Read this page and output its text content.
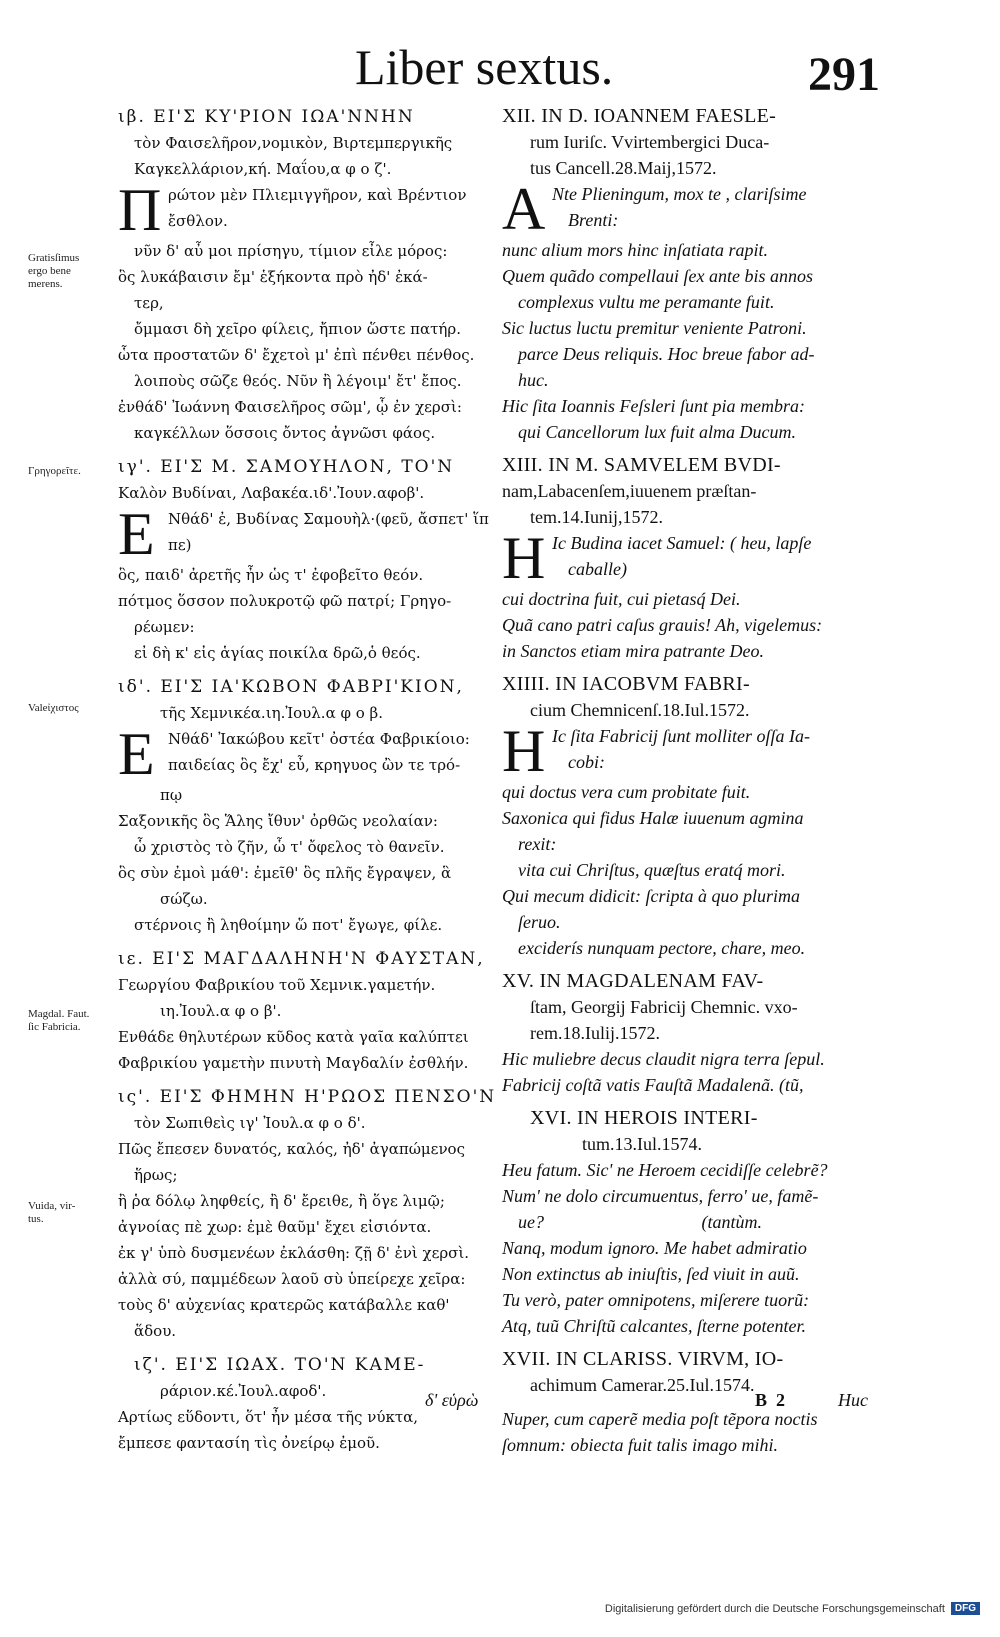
Liber sextus.	291
Gratisſimus
ergo bene
merens.
Γρηγορεῖτε.
Valeἰχιστος
Magdal. Faut.
ſic Fabricia.
Vuida, vir-
tus.
ιβ. ΕΙ'Σ ΚΥ'ΡΙΟΝ ΙΩΑ'ΝΝΗΝ
τὸν Φαισελῆρον,νομικὸν, Βιρτεμπεργικῆς
Καγκελλάριον,κή. Μαΐου,α φ ο ζ'.
Π ρώτον μὲν Πλιεμιγγῆρον, καὶ Βρέντιον
ἔσθλον.
νῦν δ' αὖ μοι πρίσηγυ, τίμιον εἶλε μόρος:
ὃς λυκάβαισιν ἔμ' ἑξήκοντα πρὸ ἠδ' ἐκά-
τερ,
ὄμμασι δὴ χεῖρο φίλεις, ἤπιον ὥστε πατήρ.
ὧτα προστατῶν δ' ἔχετοὶ μ' ἐπὶ πένθει πένθος.
λοιποὺς σῶζε θεός. Νῦν ἢ λέγοιμ' ἔτ' ἔπος.
ἐνθάδ' Ἰωάννη Φαισελῆρος σῶμ', ᾧ ἐν χερσὶ:
καγκέλλων ὅσσοις ὄντος ἀγνῶσι φάος.
ιγ'. ΕΙ'Σ Μ. ΣΑΜΟΥΗΛΟΝ, ΤΟ'Ν
Καλὸν Βυδίναι, Λαβακέα.ιδ'.Ἰουν.αφοβ'.
Ε Νθάδ' ἐ, Βυδίνας Σαμουὴλ·(φεῦ, ἄσπετ' ἵπ
πε)
ὃς, παιδ' ἀρετῆς ἦν ὡς τ' ἐφοβεῖτο θεόν.
πότμος ὅσσον πολυκροτῷ φῶ πατρί; Γρηγο-
ρέωμεν:
εἰ δὴ κ' εἰς ἁγίας ποικίλα δρῶ,ὁ θεός.
ιδ'. ΕΙ'Σ ΙΑ'ΚΩΒΟΝ ΦΑΒΡΙ'ΚΙΟΝ,
τῆς Χεμνικέα.ιη.Ἰουλ.α φ ο β.
Ε Νθάδ' Ἰακώβου κεῖτ' ὀστέα Φαβρικίοιο:
παιδείας ὃς ἔχ' εὖ, κρηγυος ὢν τε τρό-
πῳ
Σαξονικῆς ὃς Ἅλης ἴθυν' ὀρθῶς νεολαίαν:
ὧ χριστὸς τὸ ζῆν, ὧ τ' ὄφελος τὸ θανεῖν.
ὃς σὺν ἐμοὶ μάθ': ἐμεῖθ' ὃς πλῆς ἔγραψεν, ἃ
σώζω.
στέρνοις ἢ ληθοίμην ὥ ποτ' ἔγωγε, φίλε.
ιε. ΕΙ'Σ ΜΑΓΔΑΛΗΝΗ'Ν ΦΑΥΣΤΑΝ,
Γεωργίου Φαβρικίου τοῦ Χεμνικ.γαμετήν.
ιη.Ἰουλ.α φ ο β'.
Ενθάδε θηλυτέρων κῦδος κατὰ γαῖα καλύπτει
Φαβρικίου γαμετὴν πινυτὴ Μαγδαλίν ἐσθλήν.
ις'. ΕΙ'Σ ΦΗΜΗΝ Η'ΡΩΟΣ ΠΕΝΣΟ'Ν
τὸν Σωπιθεὶς ιγ' Ἰουλ.α φ ο δ'.
Πῶς ἔπεσεν δυνατός, καλός, ἠδ' ἀγαπώμενος
ἥρως;
ἢ ῥα δόλῳ ληφθείς, ἢ δ' ἔρειθε, ἢ ὅγε λιμῷ;
ἀγνοίας πὲ χωρ: ἐμὲ θαῦμ' ἔχει εἰσιόντα.
ἐκ γ' ὑπὸ δυσμενέων ἐκλάσθη: ζῇ δ' ἐνὶ χερσὶ.
ἀλλὰ σύ, παμμέδεων λαοῦ σὺ ὑπείρεχε χεῖρα:
τοὺς δ' αὐχενίας κρατερῶς κατάβαλλε καθ'
ἅδου.
ιζ'. ΕΙ'Σ ΙΩΑΧ. ΤΟ'Ν ΚΑΜΕ-
ράριον.κέ.Ἰουλ.αφοδ'.
Αρτίως εὕδοντι, ὅτ' ἦν μέσα τῆς νύκτα,
ἔμπεσε φαντασίη τὶς ὀνείρῳ ἐμοῦ.
δ' εὑρὼ
XII. IN D. IOANNEM FAESLE-
rum Iuriſc. Vvirtembergici Duca-
tus Cancell.28.Maij,1572.
A Nte Plieningum, mox te , clariſsime
Brenti:
nunc alium mors hinc inſatiata rapit.
Quem quãdo compellaui ſex ante bis annos
complexus vultu me peramante fuit.
Sic luctus luctu premitur veniente Patroni.
parce Deus reliquis. Hoc breue fabor ad-
huc.
Hic ſita Ioannis Feſsleri ſunt pia membra:
qui Cancellorum lux fuit alma Ducum.
XIII. IN M. SAMVELEM BVDI-
nam,Labacenſem,iuuenem præſtan-
tem.14.Iunij,1572.
H Ic Budina iacet Samuel: ( heu, lapſe
caballe)
cui doctrina fuit, cui pietasq́ Dei.
Quã cano patri caſus grauis! Ah, vigelemus:
in Sanctos etiam mira patrante Deo.
XIIII. IN IACOBVM FABRI-
cium Chemnicenſ.18.Iul.1572.
H Ic ſita Fabricij ſunt molliter oſſa Ia-
cobi:
qui doctus vera cum probitate fuit.
Saxonica qui fidus Halæ iuuenum agmina
rexit:
vita cui Chriſtus, quæſtus eratq́ mori.
Qui mecum didicit: ſcripta à quo plurima
ſeruo.
exciderís nunquam pectore, chare, meo.
XV. IN MAGDALENAM FAV-
ſtam, Georgij Fabricij Chemnic. vxo-
rem.18.Iulij.1572.
Hic muliebre decus claudit nigra terra ſepul.
Fabricij coſtã vatis Fauſtã Madalenã. (tũ,
XVI. IN HEROIS INTERI-
tum.13.Iul.1574.
Heu fatum. Sic' ne Heroem cecidiſſe celebrẽ?
Num' ne dolo circumuentus, ferro' ue, famẽ-
ue?                                   (tantùm.
Nanq, modum ignoro. Me habet admiratio
Non extinctus ab iniuſtis, ſed viuit in auũ.
Tu verò, pater omnipotens, miſerere tuorũ:
Atq, tuũ Chriſtũ calcantes, ſterne potenter.
XVII. IN CLARISS. VIRVM, IO-
achimum Camerar.25.Iul.1574.
Nuper, cum caperẽ media poſt tẽpora noctis
ſomnum: obiecta fuit talis imago mihi.
B  2	Huc
Digitalisierung gefördert durch die Deutsche Forschungsgemeinschaft	DFG
